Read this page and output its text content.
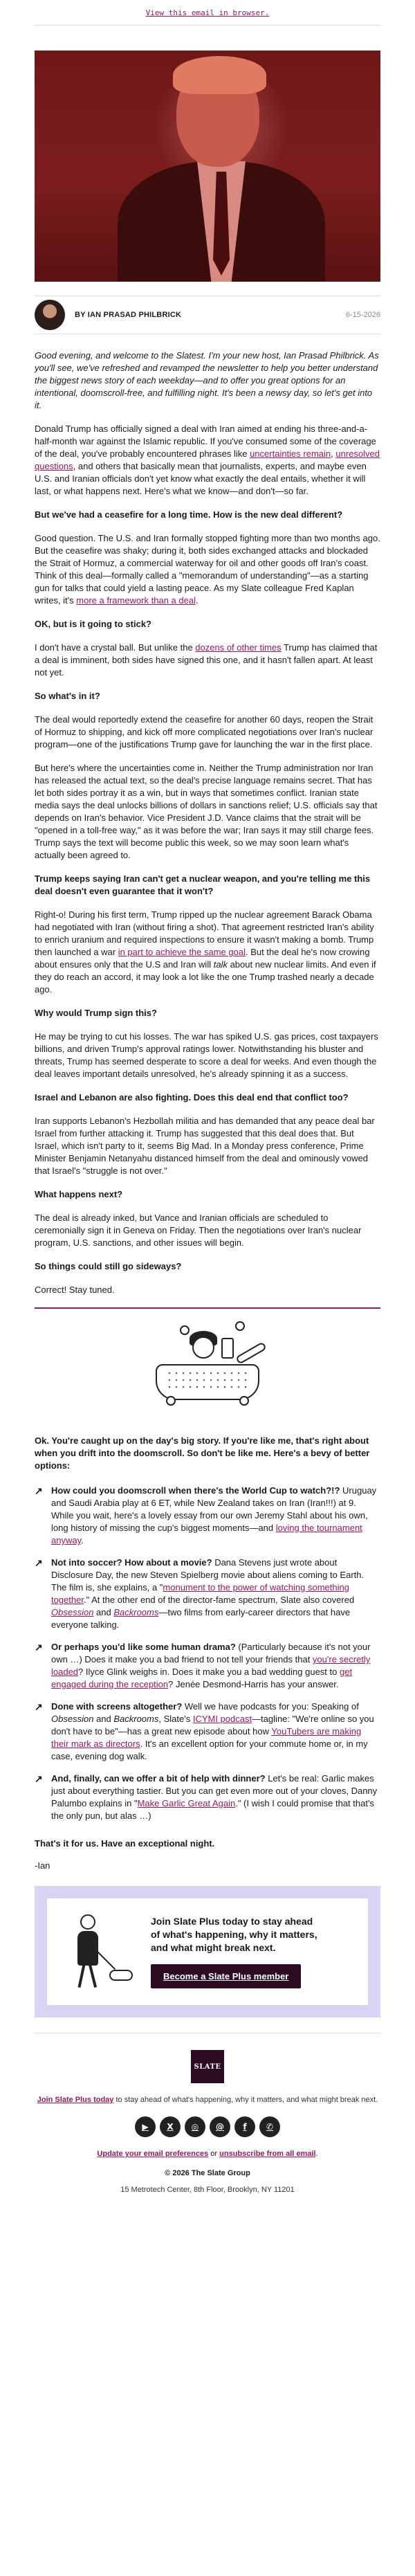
View this email in browser.
BY IAN PRASAD PHILBRICK	6-15-2026

Good evening, and welcome to the Slatest. I'm your new host, Ian Prasad Philbrick. As you'll see, we've refreshed and revamped the newsletter to help you better understand the biggest news story of each weekday—and to offer you great options for an intentional, doomscroll-free, and fulfilling night. It's been a newsy day, so let's get into it.

Donald Trump has officially signed a deal with Iran aimed at ending his three-and-a-half-month war against the Islamic republic. If you've consumed some of the coverage of the deal, you've probably encountered phrases like uncertainties remain, unresolved questions, and others that basically mean that journalists, experts, and maybe even U.S. and Iranian officials don't yet know what exactly the deal entails, whether it will last, or what happens next. Here's what we know—and don't—so far.

But we've had a ceasefire for a long time. How is the new deal different?

Good question. The U.S. and Iran formally stopped fighting more than two months ago. But the ceasefire was shaky; during it, both sides exchanged attacks and blockaded the Strait of Hormuz, a commercial waterway for oil and other goods off Iran's coast. Think of this deal—formally called a "memorandum of understanding"—as a starting gun for talks that could yield a lasting peace. As my Slate colleague Fred Kaplan writes, it's more a framework than a deal.

OK, but is it going to stick?

I don't have a crystal ball. But unlike the dozens of other times Trump has claimed that a deal is imminent, both sides have signed this one, and it hasn't fallen apart. At least not yet.

So what's in it?

The deal would reportedly extend the ceasefire for another 60 days, reopen the Strait of Hormuz to shipping, and kick off more complicated negotiations over Iran's nuclear program—one of the justifications Trump gave for launching the war in the first place.

But here's where the uncertainties come in. Neither the Trump administration nor Iran has released the actual text, so the deal's precise language remains secret. That has let both sides portray it as a win, but in ways that sometimes conflict. Iranian state media says the deal unlocks billions of dollars in sanctions relief; U.S. officials say that depends on Iran's behavior. Vice President J.D. Vance claims that the strait will be "opened in a toll-free way," as it was before the war; Iran says it may still charge fees. Trump says the text will become public this week, so we may soon learn what's actually been agreed to.

Trump keeps saying Iran can't get a nuclear weapon, and you're telling me this deal doesn't even guarantee that it won't?

Right-o! During his first term, Trump ripped up the nuclear agreement Barack Obama had negotiated with Iran (without firing a shot). That agreement restricted Iran's ability to enrich uranium and required inspections to ensure it wasn't making a bomb. Trump then launched a war in part to achieve the same goal. But the deal he's now crowing about ensures only that the U.S and Iran will talk about new nuclear limits. And even if they do reach an accord, it may look a lot like the one Trump trashed nearly a decade ago.

Why would Trump sign this?

He may be trying to cut his losses. The war has spiked U.S. gas prices, cost taxpayers billions, and driven Trump's approval ratings lower. Notwithstanding his bluster and threats, Trump has seemed desperate to score a deal for weeks. And even though the deal leaves important details unresolved, he's already spinning it as a success.

Israel and Lebanon are also fighting. Does this deal end that conflict too?

Iran supports Lebanon's Hezbollah militia and has demanded that any peace deal bar Israel from further attacking it. Trump has suggested that this deal does that. But Israel, which isn't party to it, seems Big Mad. In a Monday press conference, Prime Minister Benjamin Netanyahu distanced himself from the deal and ominously vowed that Israel's "struggle is not over."

What happens next?

The deal is already inked, but Vance and Iranian officials are scheduled to ceremonially sign it in Geneva on Friday. Then the negotiations over Iran's nuclear program, U.S. sanctions, and other issues will begin.

So things could still go sideways?

Correct! Stay tuned.

Ok. You're caught up on the day's big story. If you're like me, that's right about when you drift into the doomscroll. So don't be like me. Here's a bevy of better options:

↗ How could you doomscroll when there's the World Cup to watch?!? Uruguay and Saudi Arabia play at 6 ET, while New Zealand takes on Iran (Iran!!!) at 9. While you wait, here's a lovely essay from our own Jeremy Stahl about his own, long history of missing the cup's biggest moments—and loving the tournament anyway.
↗ Not into soccer? How about a movie? Dana Stevens just wrote about Disclosure Day, the new Steven Spielberg movie about aliens coming to Earth. The film is, she explains, a "monument to the power of watching something together." At the other end of the director-fame spectrum, Slate also covered Obsession and Backrooms—two films from early-career directors that have everyone talking.
↗ Or perhaps you'd like some human drama? (Particularly because it's not your own …) Does it make you a bad friend to not tell your friends that you're secretly loaded? Ilyce Glink weighs in. Does it make you a bad wedding guest to get engaged during the reception? Jenée Desmond-Harris has your answer.
↗ Done with screens altogether? Well we have podcasts for you: Speaking of Obsession and Backrooms, Slate's ICYMI podcast—tagline: "We're online so you don't have to be"—has a great new episode about how YouTubers are making their mark as directors. It's an excellent option for your commute home or, in my case, evening dog walk.
↗ And, finally, can we offer a bit of help with dinner? Let's be real: Garlic makes just about everything tastier. But you can get even more out of your cloves, Danny Palumbo explains in "Make Garlic Great Again." (I wish I could promise that that's the only pun, but alas …)

That's it for us. Have an exceptional night.

-Ian

Join Slate Plus today to stay ahead of what's happening, why it matters, and what might break next.

Become a Slate Plus member
SLATE

Join Slate Plus today to stay ahead of what's happening, why it matters, and what might break next.

▶	X	◎	@	f	✆

Update your email preferences or unsubscribe from all email.

© 2026 The Slate Group

15 Metrotech Center, 8th Floor, Brooklyn, NY 11201
